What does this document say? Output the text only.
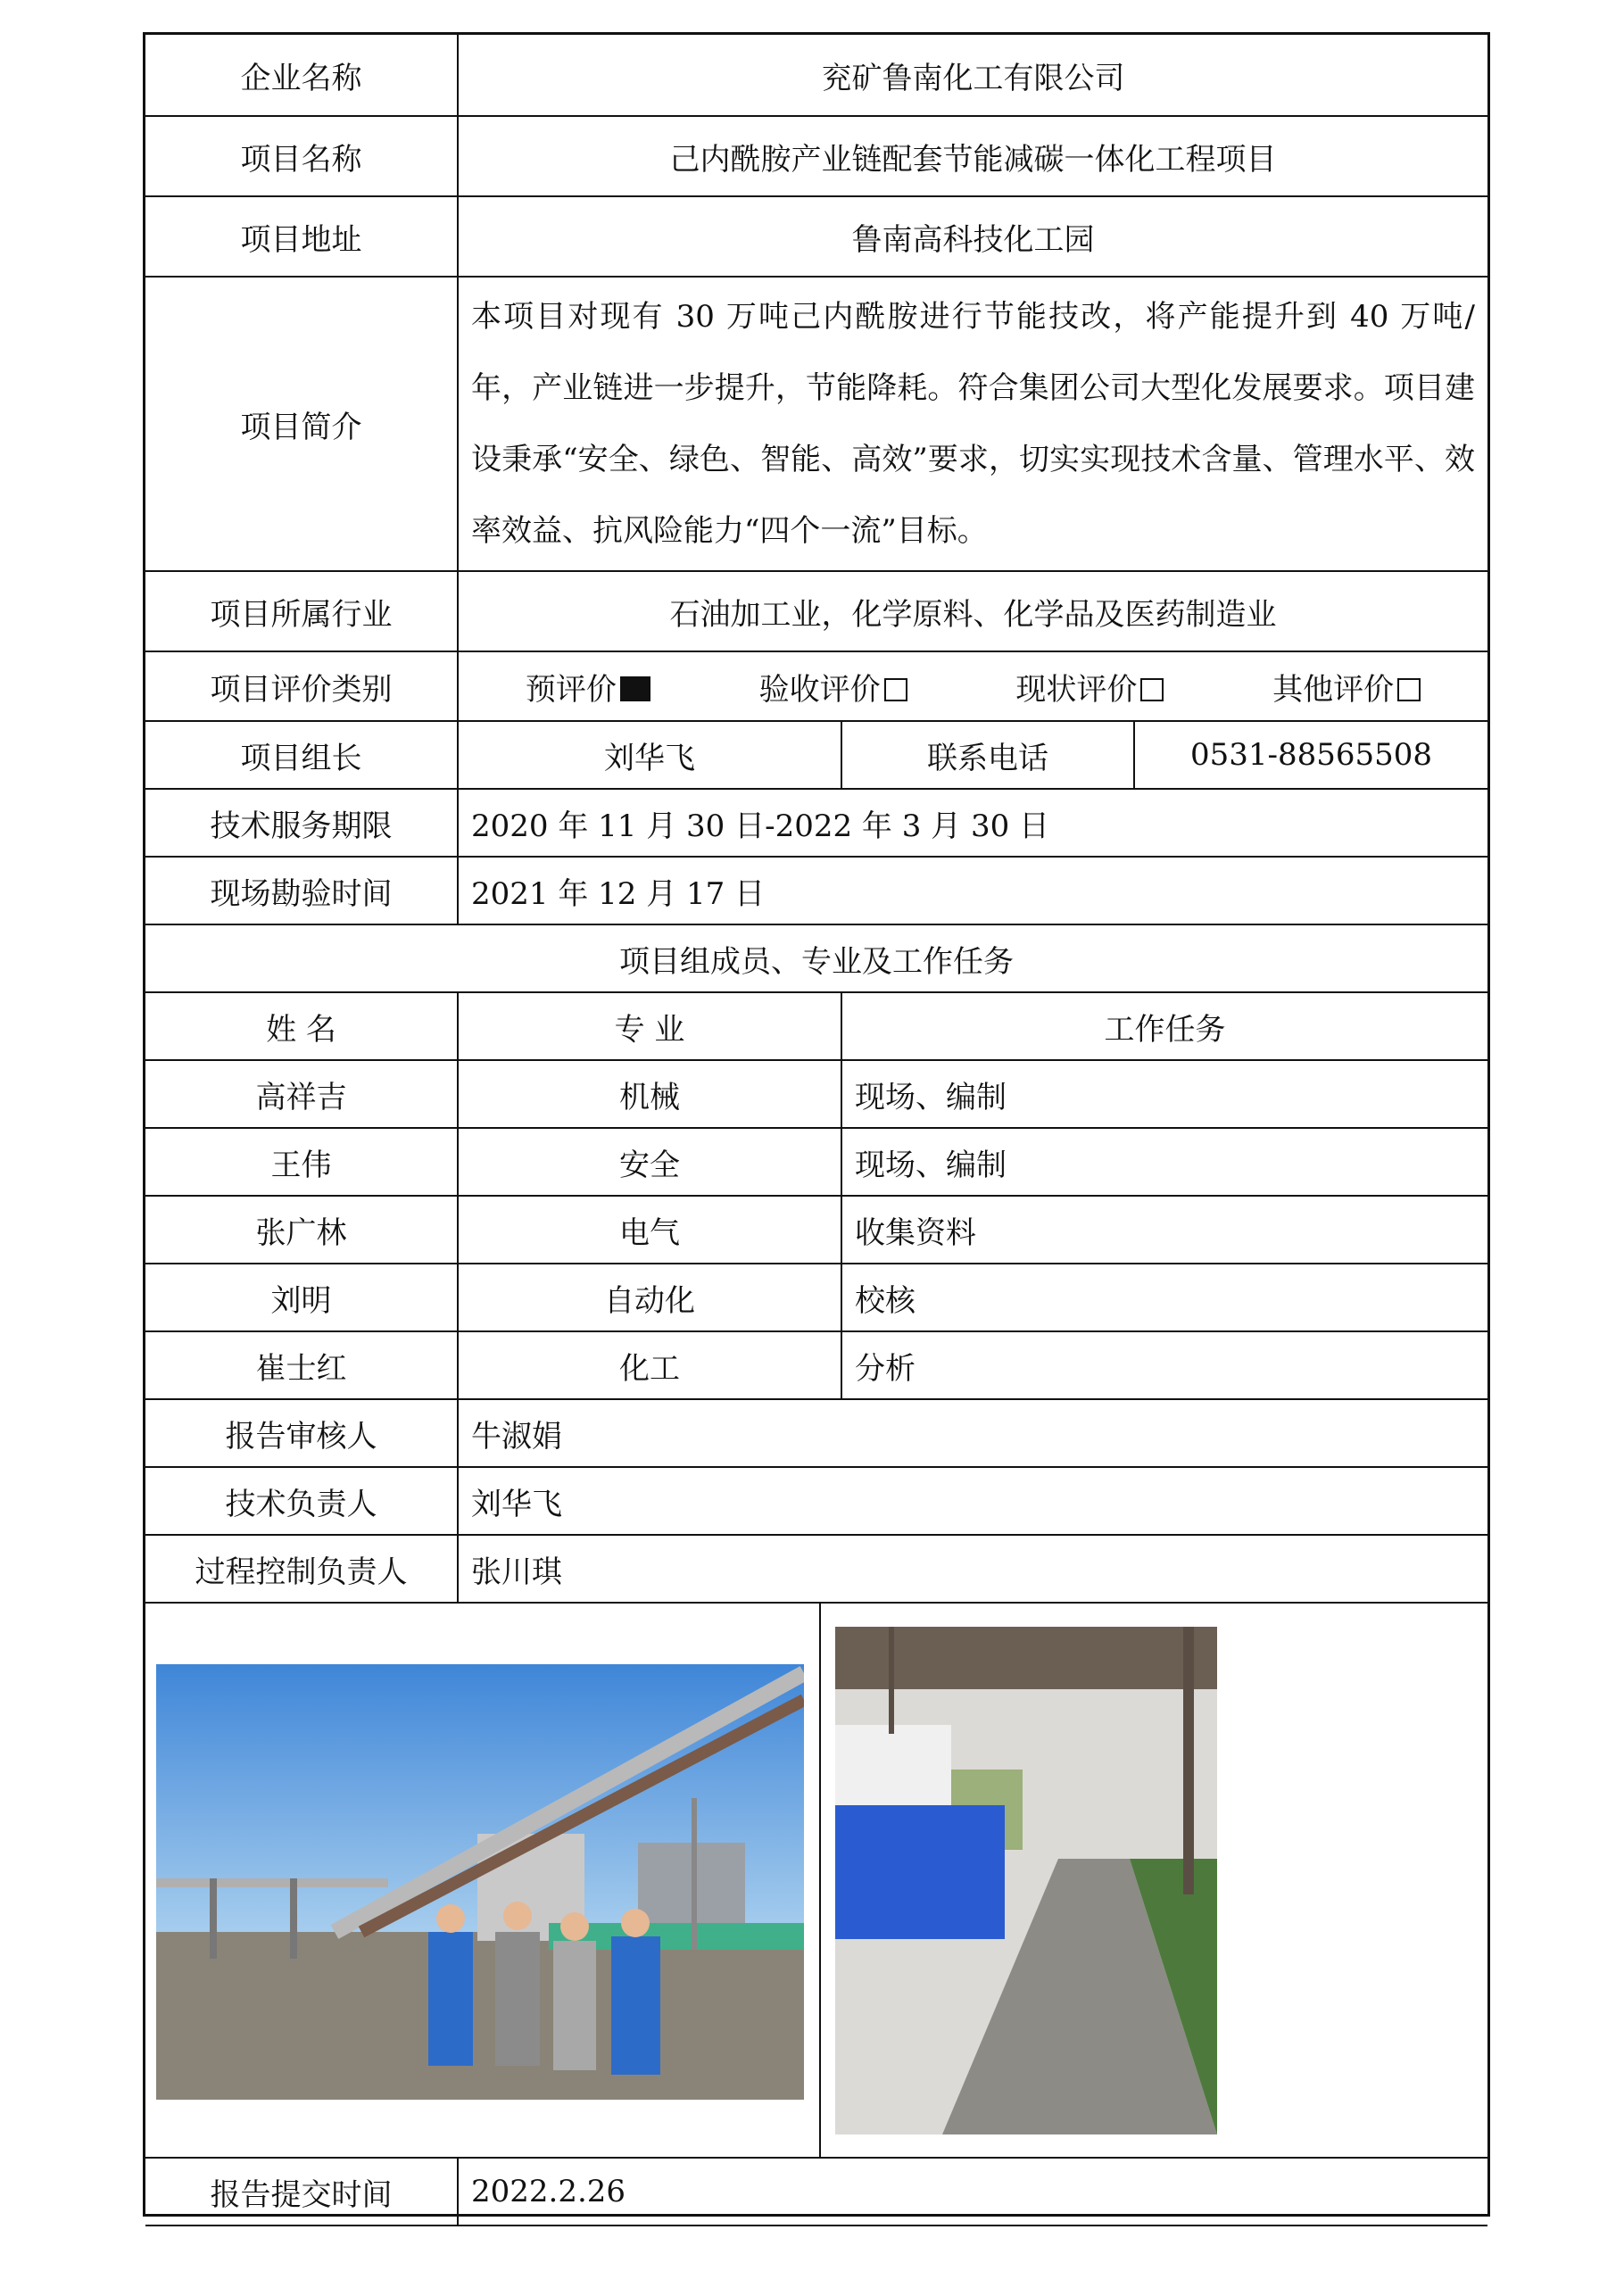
企业名称	兖矿鲁南化工有限公司		
项目名称	己内酰胺产业链配套节能减碳一体化工程项目		
项目地址	鲁南高科技化工园		
项目简介	本项目对现有 30 万吨己内酰胺进行节能技改，将产能提升到 40 万吨/年，产业链进一步提升，节能降耗。符合集团公司大型化发展要求。项目建设秉承“安全、绿色、智能、高效”要求，切实实现技术含量、管理水平、效率效益、抗风险能力“四个一流”目标。		
项目所属行业	石油加工业，化学原料、化学品及医药制造业		
项目评价类别	预评价 验收评价 现状评价 其他评价		

项目组长	刘华飞	联系电话	0531-88565508
技术服务期限	2020 年 11 月 30 日-2022 年 3 月 30 日		
现场勘验时间	2021 年 12 月 17 日		
项目组成员、专业及工作任务			
姓 名	专 业	工作任务	
高祥吉	机械	现场、编制	
王伟	安全	现场、编制	
张广林	电气	收集资料	
刘明	自动化	校核	
崔士红	化工	分析	
报告审核人	牛淑娟		
技术负责人	刘华飞		
过程控制负责人	张川琪		

报告提交时间	2022.2.26		
